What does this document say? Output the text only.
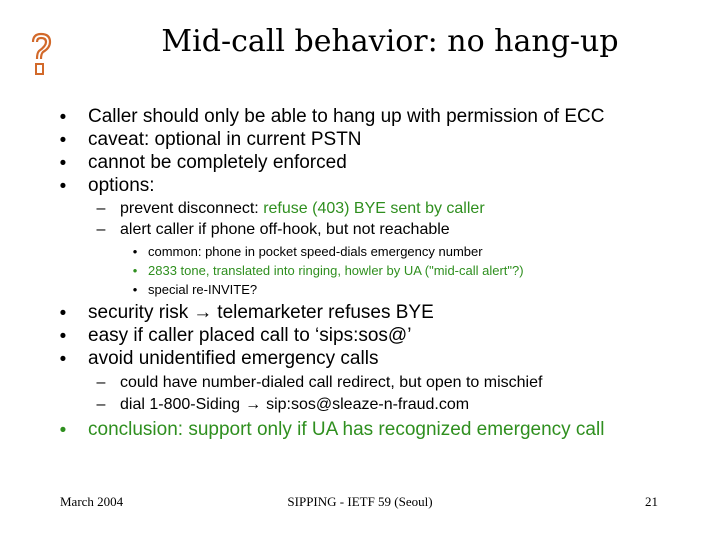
Mid-call behavior: no hang-up
• Caller should only be able to hang up with permission of ECC
• caveat: optional in current PSTN
• cannot be completely enforced
• options:
– prevent disconnect: refuse (403) BYE sent by caller
– alert caller if phone off-hook, but not reachable
• common: phone in pocket speed-dials emergency number
• 2833 tone, translated into ringing, howler by UA ("mid-call alert"?)
• special re-INVITE?
• security risk → telemarketer refuses BYE
• easy if caller placed call to ‘sips:sos@’
• avoid unidentified emergency calls
– could have number-dialed call redirect, but open to mischief
– dial 1-800-Siding → sip:sos@sleaze-n-fraud.com
• conclusion: support only if UA has recognized emergency call
March 2004	SIPPING - IETF 59 (Seoul)	21
